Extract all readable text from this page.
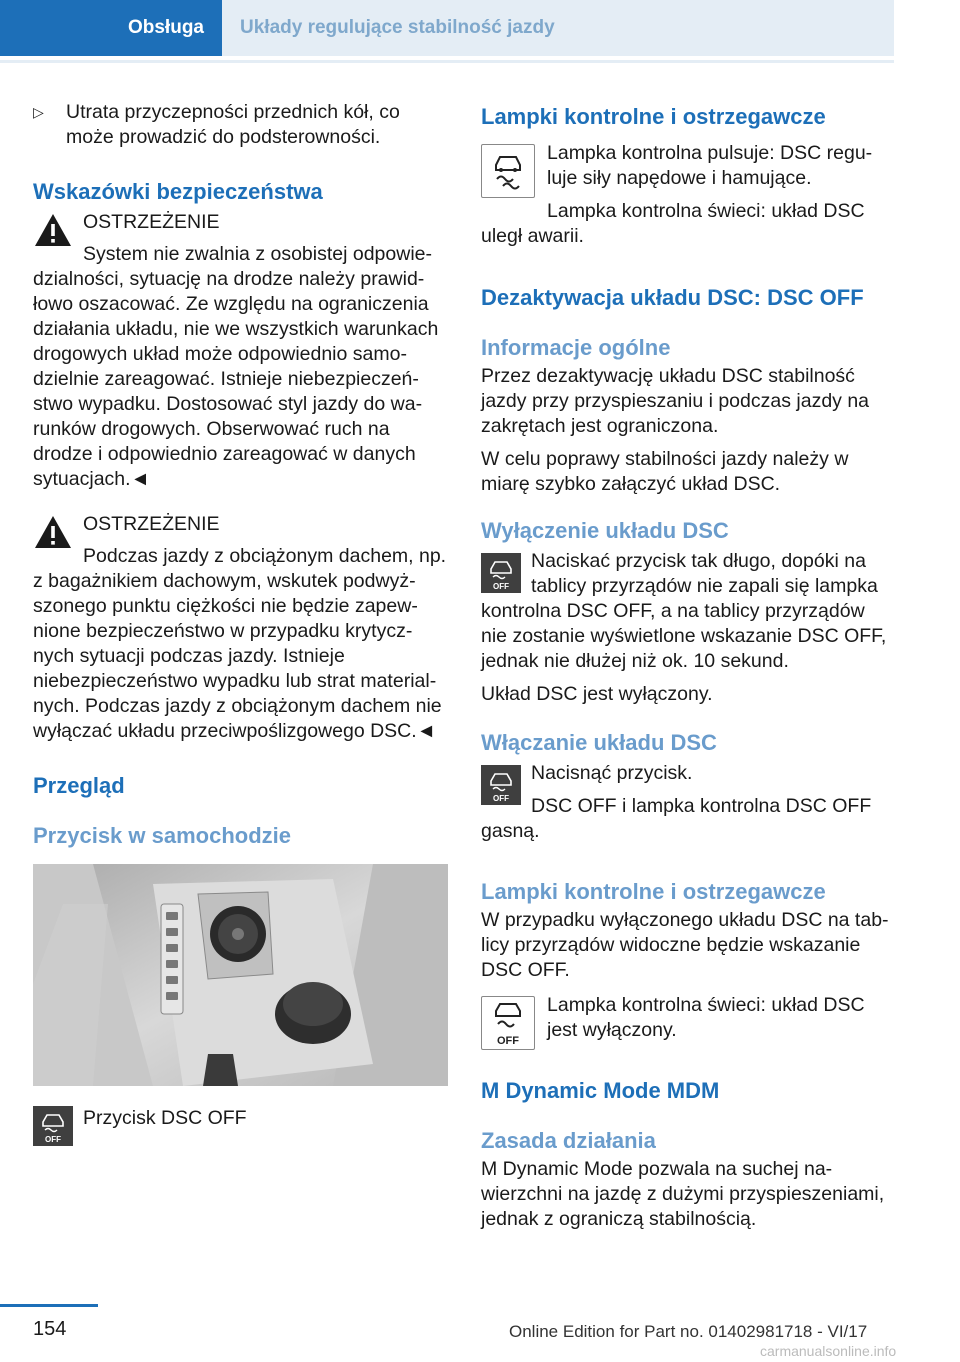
Obsługa	Układy regulujące stabilność jazdy
▷	Utrata przyczepności przednich kół, co może prowadzić do podsterowności.

Wskazówki bezpieczeństwa

OSTRZEŻENIE

System nie zwalnia z osobistej odpowie-
dzialności, sytuację na drodze należy prawid-
łowo oszacować. Ze względu na ograniczenia
działania układu, nie we wszystkich warunkach
drogowych układ może odpowiednio samo-
dzielnie zareagować. Istnieje niebezpieczeń-
stwo wypadku. Dostosować styl jazdy do wa-
runków drogowych. Obserwować ruch na
drodze i odpowiednio zareagować w danych
sytuacjach.◄

OSTRZEŻENIE

Podczas jazdy z obciążonym dachem, np.
z bagażnikiem dachowym, wskutek podwyż-
szonego punktu ciężkości nie będzie zapew-
nione bezpieczeństwo w przypadku krytycz-
nych sytuacji podczas jazdy. Istnieje
niebezpieczeństwo wypadku lub strat material-
nych. Podczas jazdy z obciążonym dachem nie
wyłączać układu przeciwpoślizgowego DSC.◄

Przegląd
Przycisk w samochodzie
OFF

Przycisk DSC OFF

Lampki kontrolne i ostrzegawcze

Lampka kontrolna pulsuje: DSC regu-
luje siły napędowe i hamujące.

Lampka kontrolna świeci: układ DSC
uległ awarii.

Dezaktywacja układu DSC: DSC OFF
Informacje ogólne

Przez dezaktywację układu DSC stabilność jazdy przy przyspieszaniu i podczas jazdy na zakrętach jest ograniczona.

W celu poprawy stabilności jazdy należy w miarę szybko załączyć układ DSC.

Wyłączenie układu DSC
OFF

Naciskać przycisk tak długo, dopóki na
tablicy przyrządów nie zapali się lampka
kontrolna DSC OFF, a na tablicy przyrządów
nie zostanie wyświetlone wskazanie DSC OFF,
jednak nie dłużej niż ok. 10 sekund.

Układ DSC jest wyłączony.

Włączanie układu DSC
OFF

Nacisnąć przycisk.

DSC OFF i lampka kontrolna DSC OFF
gasną.

Lampki kontrolne i ostrzegawcze

W przypadku wyłączonego układu DSC na tab- licy przyrządów widoczne będzie wskazanie DSC OFF.

OFF

Lampka kontrolna świeci: układ DSC
jest wyłączony.

M Dynamic Mode MDM
Zasada działania

M Dynamic Mode pozwala na suchej na- wierzchni na jazdę z dużymi przyspieszeniami, jednak z ograniczą stabilnością.

154	Online Edition for Part no. 01402981718 - VI/17
carmanualsonline.info
